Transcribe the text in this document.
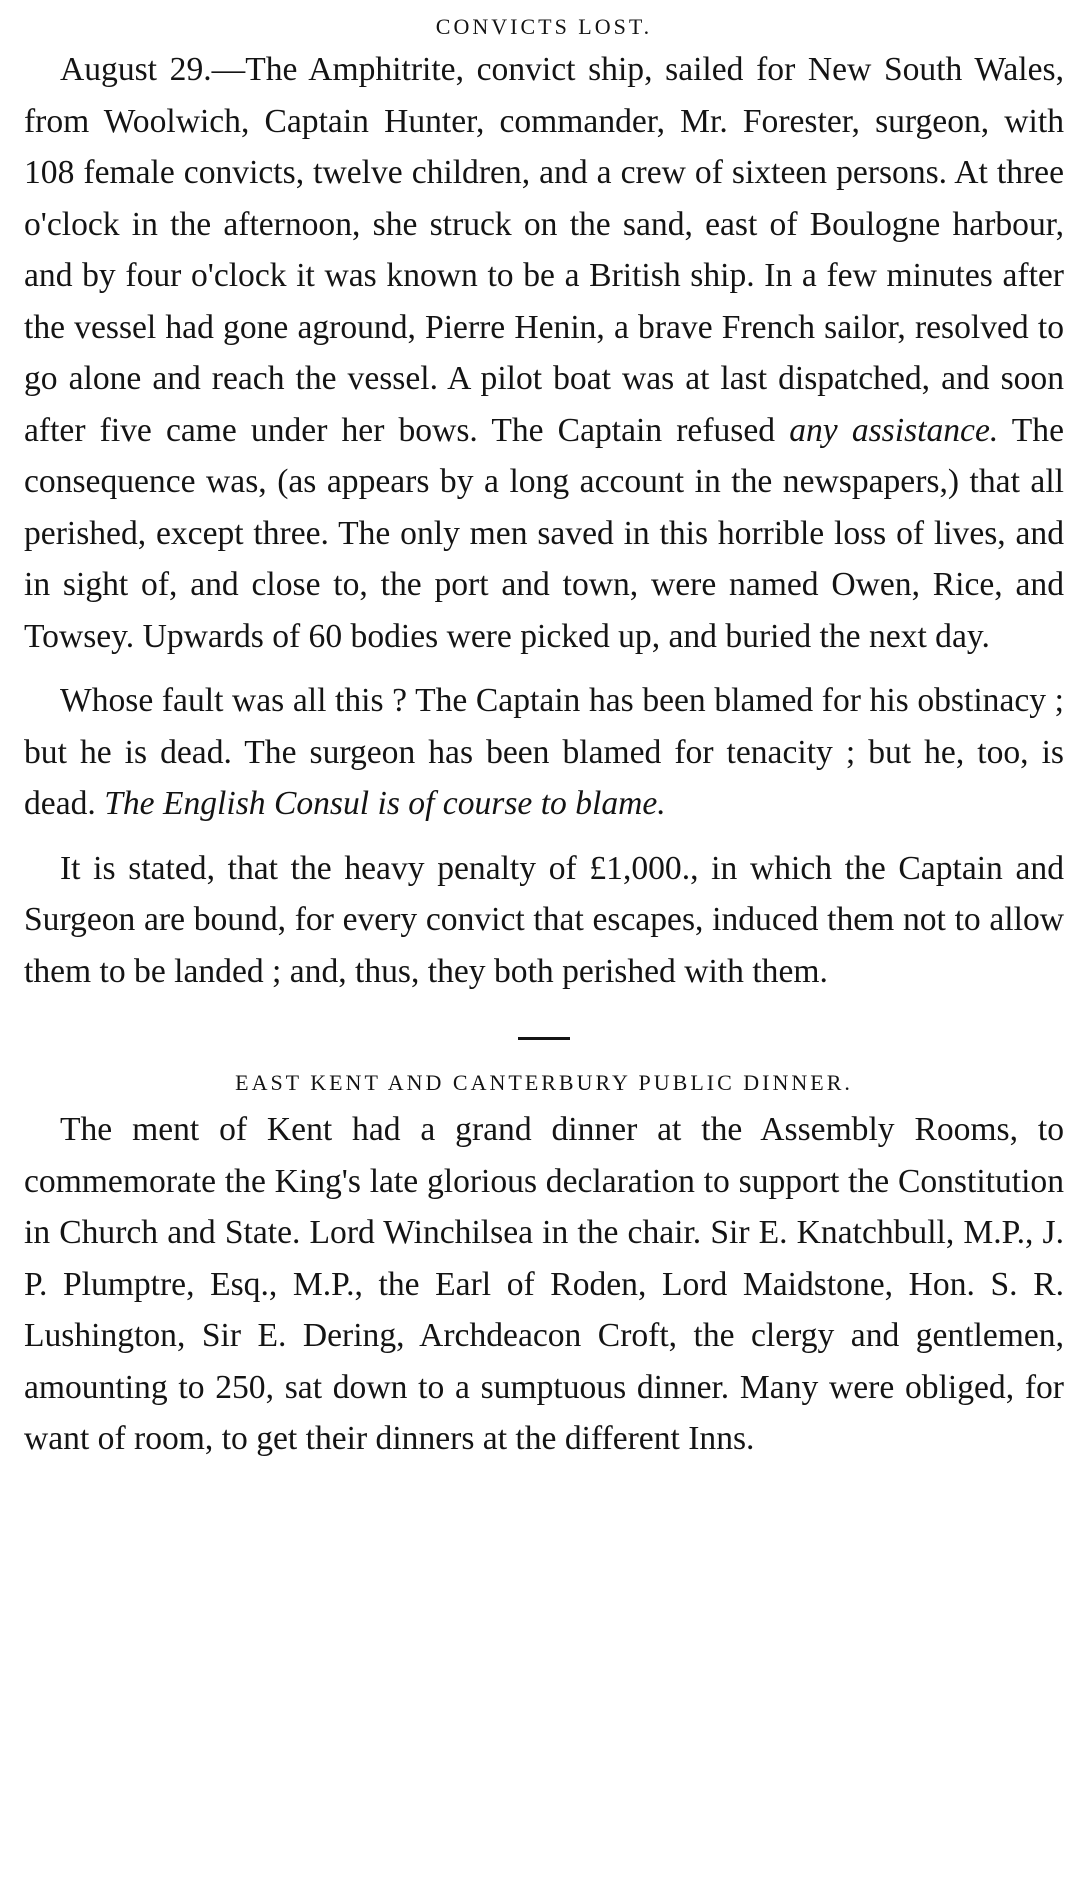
CONVICTS LOST.

August 29.—The Amphitrite, convict ship, sailed for New South Wales, from Woolwich, Captain Hunter, commander, Mr. Forester, surgeon, with 108 female convicts, twelve children, and a crew of sixteen persons. At three o'clock in the afternoon, she struck on the sand, east of Boulogne harbour, and by four o'clock it was known to be a British ship. In a few minutes after the vessel had gone aground, Pierre Henin, a brave French sailor, resolved to go alone and reach the vessel. A pilot boat was at last dispatched, and soon after five came under her bows. The Captain refused any assistance. The consequence was, (as appears by a long account in the newspapers,) that all perished, except three. The only men saved in this horrible loss of lives, and in sight of, and close to, the port and town, were named Owen, Rice, and Towsey. Upwards of 60 bodies were picked up, and buried the next day.

Whose fault was all this ? The Captain has been blamed for his obstinacy ; but he is dead. The surgeon has been blamed for tenacity ; but he, too, is dead. The English Consul is of course to blame.

It is stated, that the heavy penalty of £1,000., in which the Captain and Surgeon are bound, for every convict that escapes, induced them not to allow them to be landed ; and, thus, they both perished with them.

EAST KENT AND CANTERBURY PUBLIC DINNER.

The ment of Kent had a grand dinner at the Assembly Rooms, to commemorate the King's late glorious declaration to support the Constitution in Church and State. Lord Winchilsea in the chair. Sir E. Knatchbull, M.P., J. P. Plumptre, Esq., M.P., the Earl of Roden, Lord Maidstone, Hon. S. R. Lushington, Sir E. Dering, Archdeacon Croft, the clergy and gentlemen, amounting to 250, sat down to a sumptuous dinner. Many were obliged, for want of room, to get their dinners at the different Inns.
